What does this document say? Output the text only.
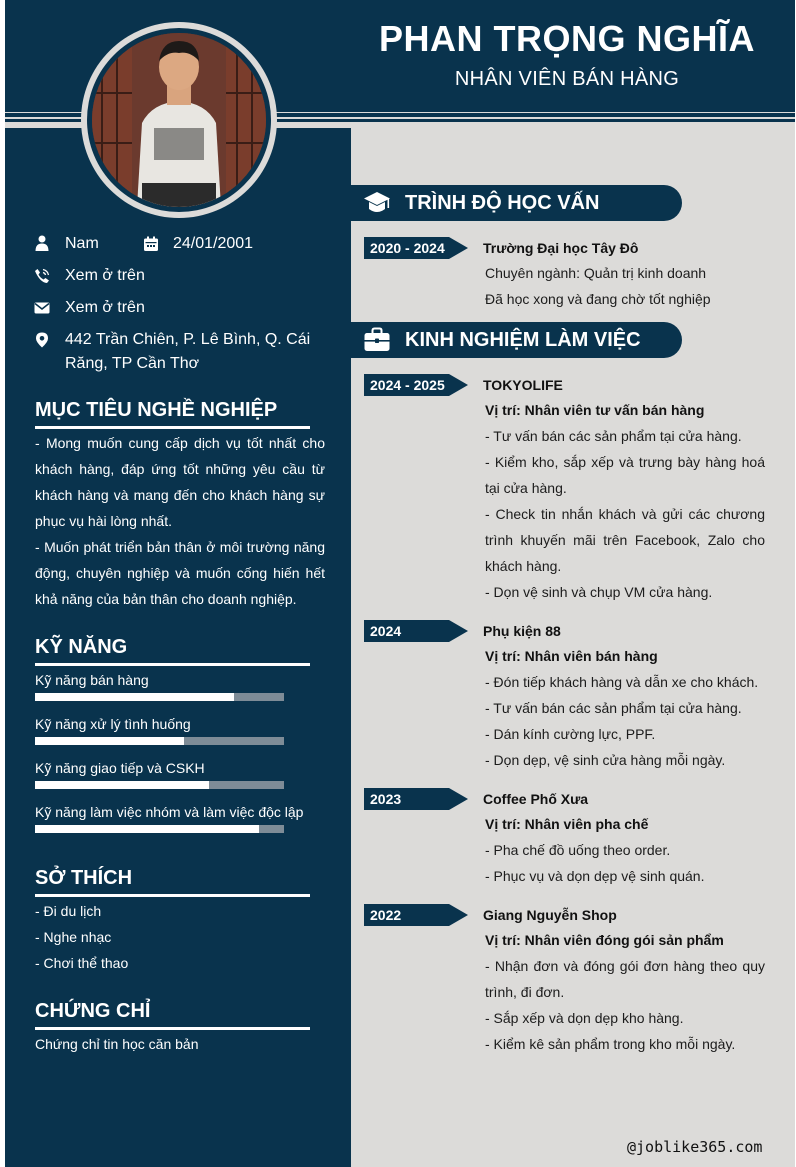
PHAN TRỌNG NGHĨA
NHÂN VIÊN BÁN HÀNG
Nam	24/01/2001
Xem ở trên
Xem ở trên
442 Trần Chiên, P. Lê Bình, Q. Cái Răng, TP Cần Thơ
MỤC TIÊU NGHỀ NGHIỆP
- Mong muốn cung cấp dịch vụ tốt nhất cho khách hàng, đáp ứng tốt những yêu cầu từ khách hàng và mang đến cho khách hàng sự phục vụ hài lòng nhất.
- Muốn phát triển bản thân ở môi trường năng động, chuyên nghiệp và muốn cống hiến hết khả năng của bản thân cho doanh nghiệp.
KỸ NĂNG
Kỹ năng bán hàng
Kỹ năng xử lý tình huống
Kỹ năng giao tiếp và CSKH
Kỹ năng làm việc nhóm và làm việc độc lập
SỞ THÍCH
- Đi du lịch
- Nghe nhạc
- Chơi thể thao
CHỨNG CHỈ
Chứng chỉ tin học căn bản
TRÌNH ĐỘ HỌC VẤN
2020 - 2024	Trường Đại học Tây Đô
Chuyên ngành: Quản trị kinh doanh
Đã học xong và đang chờ tốt nghiệp
KINH NGHIỆM LÀM VIỆC
2024 - 2025	TOKYOLIFE
Vị trí: Nhân viên tư vấn bán hàng
- Tư vấn bán các sản phẩm tại cửa hàng.
- Kiểm kho, sắp xếp và trưng bày hàng hoá tại cửa hàng.
- Check tin nhắn khách và gửi các chương trình khuyến mãi trên Facebook, Zalo cho khách hàng.
- Dọn vệ sinh và chụp VM cửa hàng.
2024	Phụ kiện 88
Vị trí: Nhân viên bán hàng
- Đón tiếp khách hàng và dẫn xe cho khách.
- Tư vấn bán các sản phẩm tại cửa hàng.
- Dán kính cường lực, PPF.
- Dọn dẹp, vệ sinh cửa hàng mỗi ngày.
2023	Coffee Phố Xưa
Vị trí: Nhân viên pha chế
- Pha chế đồ uống theo order.
- Phục vụ và dọn dẹp vệ sinh quán.
2022	Giang Nguyễn Shop
Vị trí: Nhân viên đóng gói sản phẩm
- Nhận đơn và đóng gói đơn hàng theo quy trình, đi đơn.
- Sắp xếp và dọn dẹp kho hàng.
- Kiểm kê sản phẩm trong kho mỗi ngày.
@joblike365.com
